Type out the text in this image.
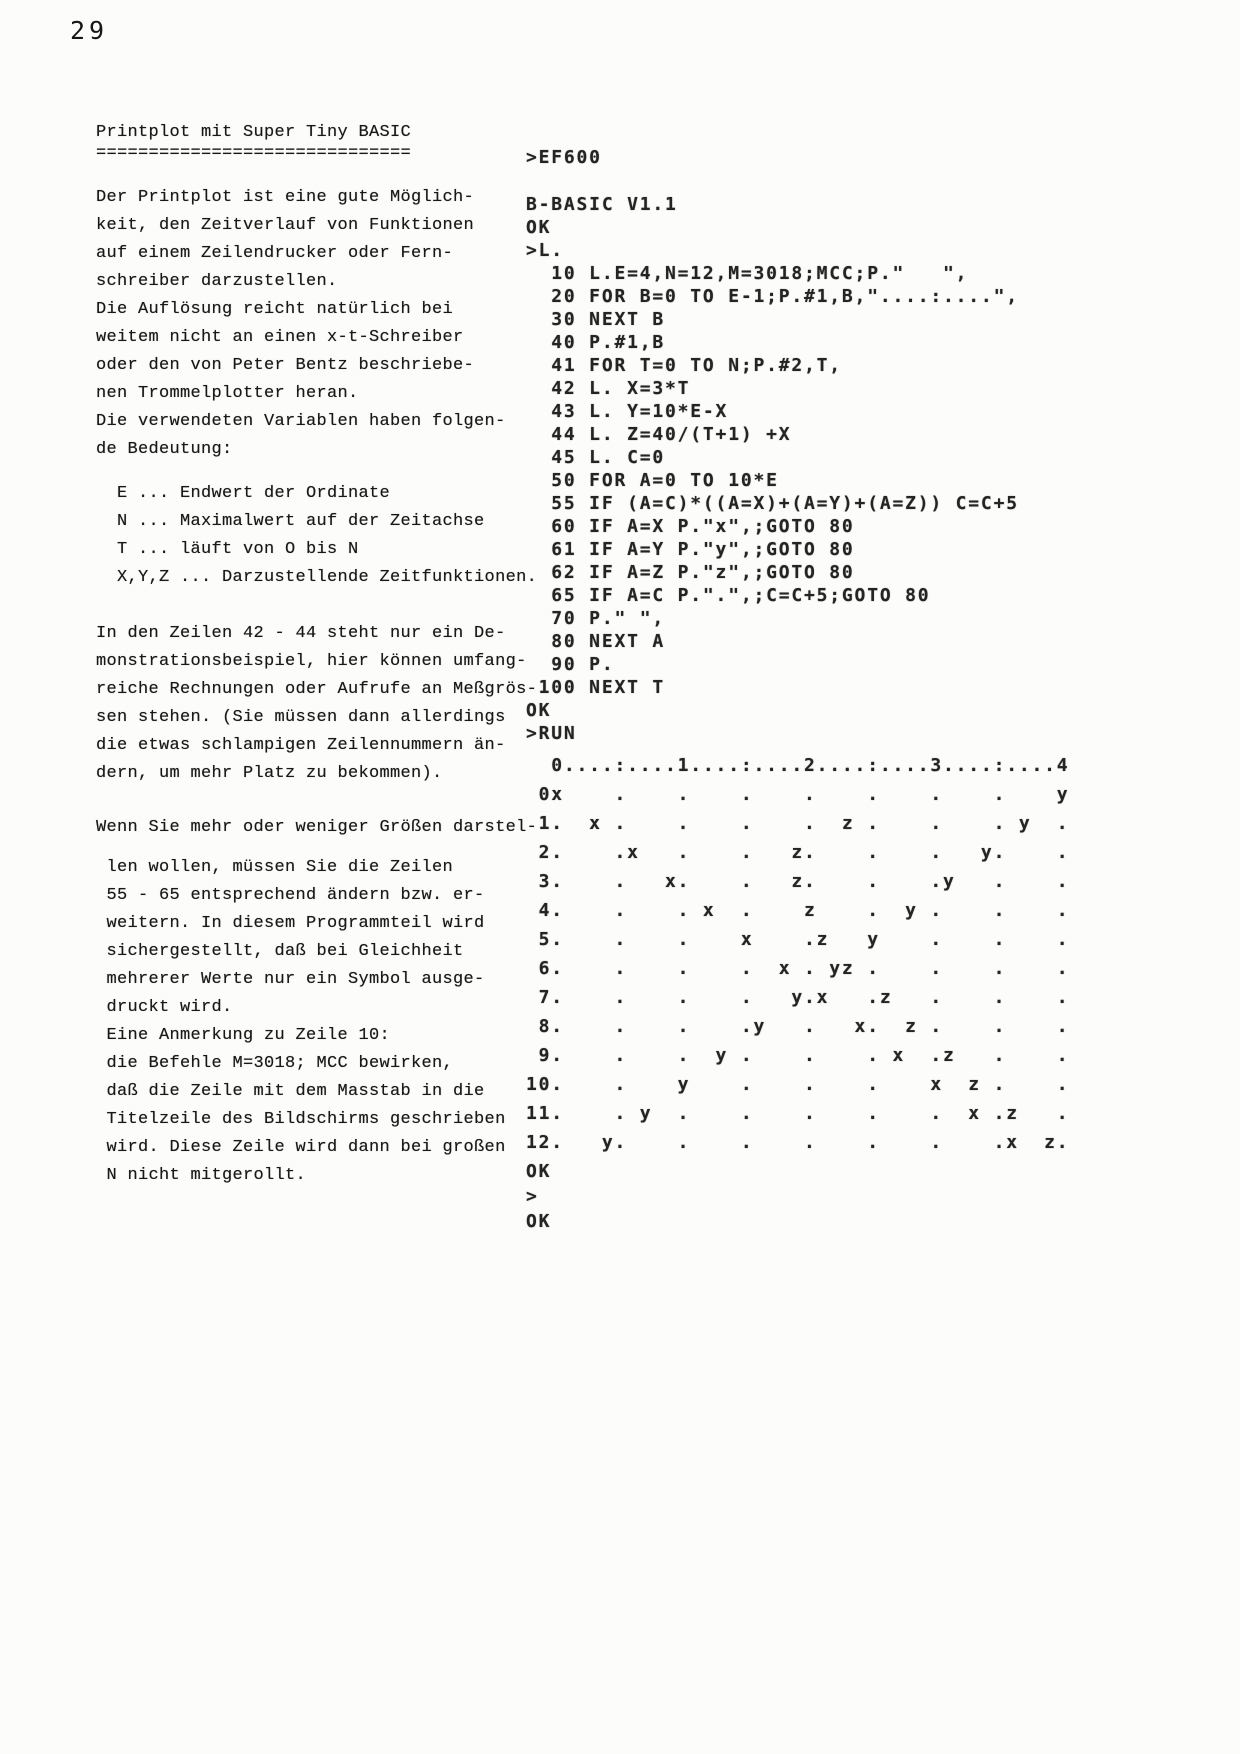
29
Printplot mit Super Tiny BASIC
==============================
Der Printplot ist eine gute Möglich-
keit, den Zeitverlauf von Funktionen
auf einem Zeilendrucker oder Fern-
schreiber darzustellen.
Die Auflösung reicht natürlich bei
weitem nicht an einen x-t-Schreiber
oder den von Peter Bentz beschriebe-
nen Trommelplotter heran.
Die verwendeten Variablen haben folgen-
de Bedeutung:
E ... Endwert der Ordinate
N ... Maximalwert auf der Zeitachse
T ... läuft von O bis N
X,Y,Z ... Darzustellende Zeitfunktionen.
In den Zeilen 42 - 44 steht nur ein De-
monstrationsbeispiel, hier können umfang-
reiche Rechnungen oder Aufrufe an Meßgrös-
sen stehen. (Sie müssen dann allerdings
die etwas schlampigen Zeilennummern än-
dern, um mehr Platz zu bekommen).
Wenn Sie mehr oder weniger Größen darstel-
len wollen, müssen Sie die Zeilen
55 - 65 entsprechend ändern bzw. er-
weitern. In diesem Programmteil wird
sichergestellt, daß bei Gleichheit
mehrerer Werte nur ein Symbol ausge-
druckt wird.
Eine Anmerkung zu Zeile 10:
die Befehle M=3018; MCC bewirken,
daß die Zeile mit dem Masstab in die
Titelzeile des Bildschirms geschrieben
wird. Diese Zeile wird dann bei großen
N nicht mitgerollt.
>EF600
B-BASIC V1.1
OK
>L.
10 L.E=4,N=12,M=3018;MCC;P."   ",
20 FOR B=0 TO E-1;P.#1,B,"....:....",
30 NEXT B
40 P.#1,B
41 FOR T=0 TO N;P.#2,T,
42 L. X=3*T
43 L. Y=10*E-X
44 L. Z=40/(T+1) +X
45 L. C=0
50 FOR A=0 TO 10*E
55 IF (A=C)*((A=X)+(A=Y)+(A=Z)) C=C+5
60 IF A=X P."x",;GOTO 80
61 IF A=Y P."y",;GOTO 80
62 IF A=Z P."z",;GOTO 80
65 IF A=C P.".",;C=C+5;GOTO 80
70 P." ",
80 NEXT A
90 P.
100 NEXT T
OK
>RUN
0....:....1....:....2....:....3....:....4
0x    .    .    .    .    .    .    .    y
1.  x .    .    .    .  z .    .    . y  .
2.    .x   .    .   z.    .    .   y.    .
3.    .   x.    .   z.    .    .y   .    .
4.    .    . x  .    z    .  y .    .    .
5.    .    .    x    .z   y    .    .    .
6.    .    .    .  x . yz .    .    .    .
7.    .    .    .   y.x   .z   .    .    .
8.    .    .    .y   .   x.  z .    .    .
9.    .    .  y .    .    . x  .z   .    .
10.    .    y    .    .    .    x  z .    .
11.    . y  .    .    .    .    .  x .z   .
12.   y.    .    .    .    .    .    .x  z.
OK
>
OK
